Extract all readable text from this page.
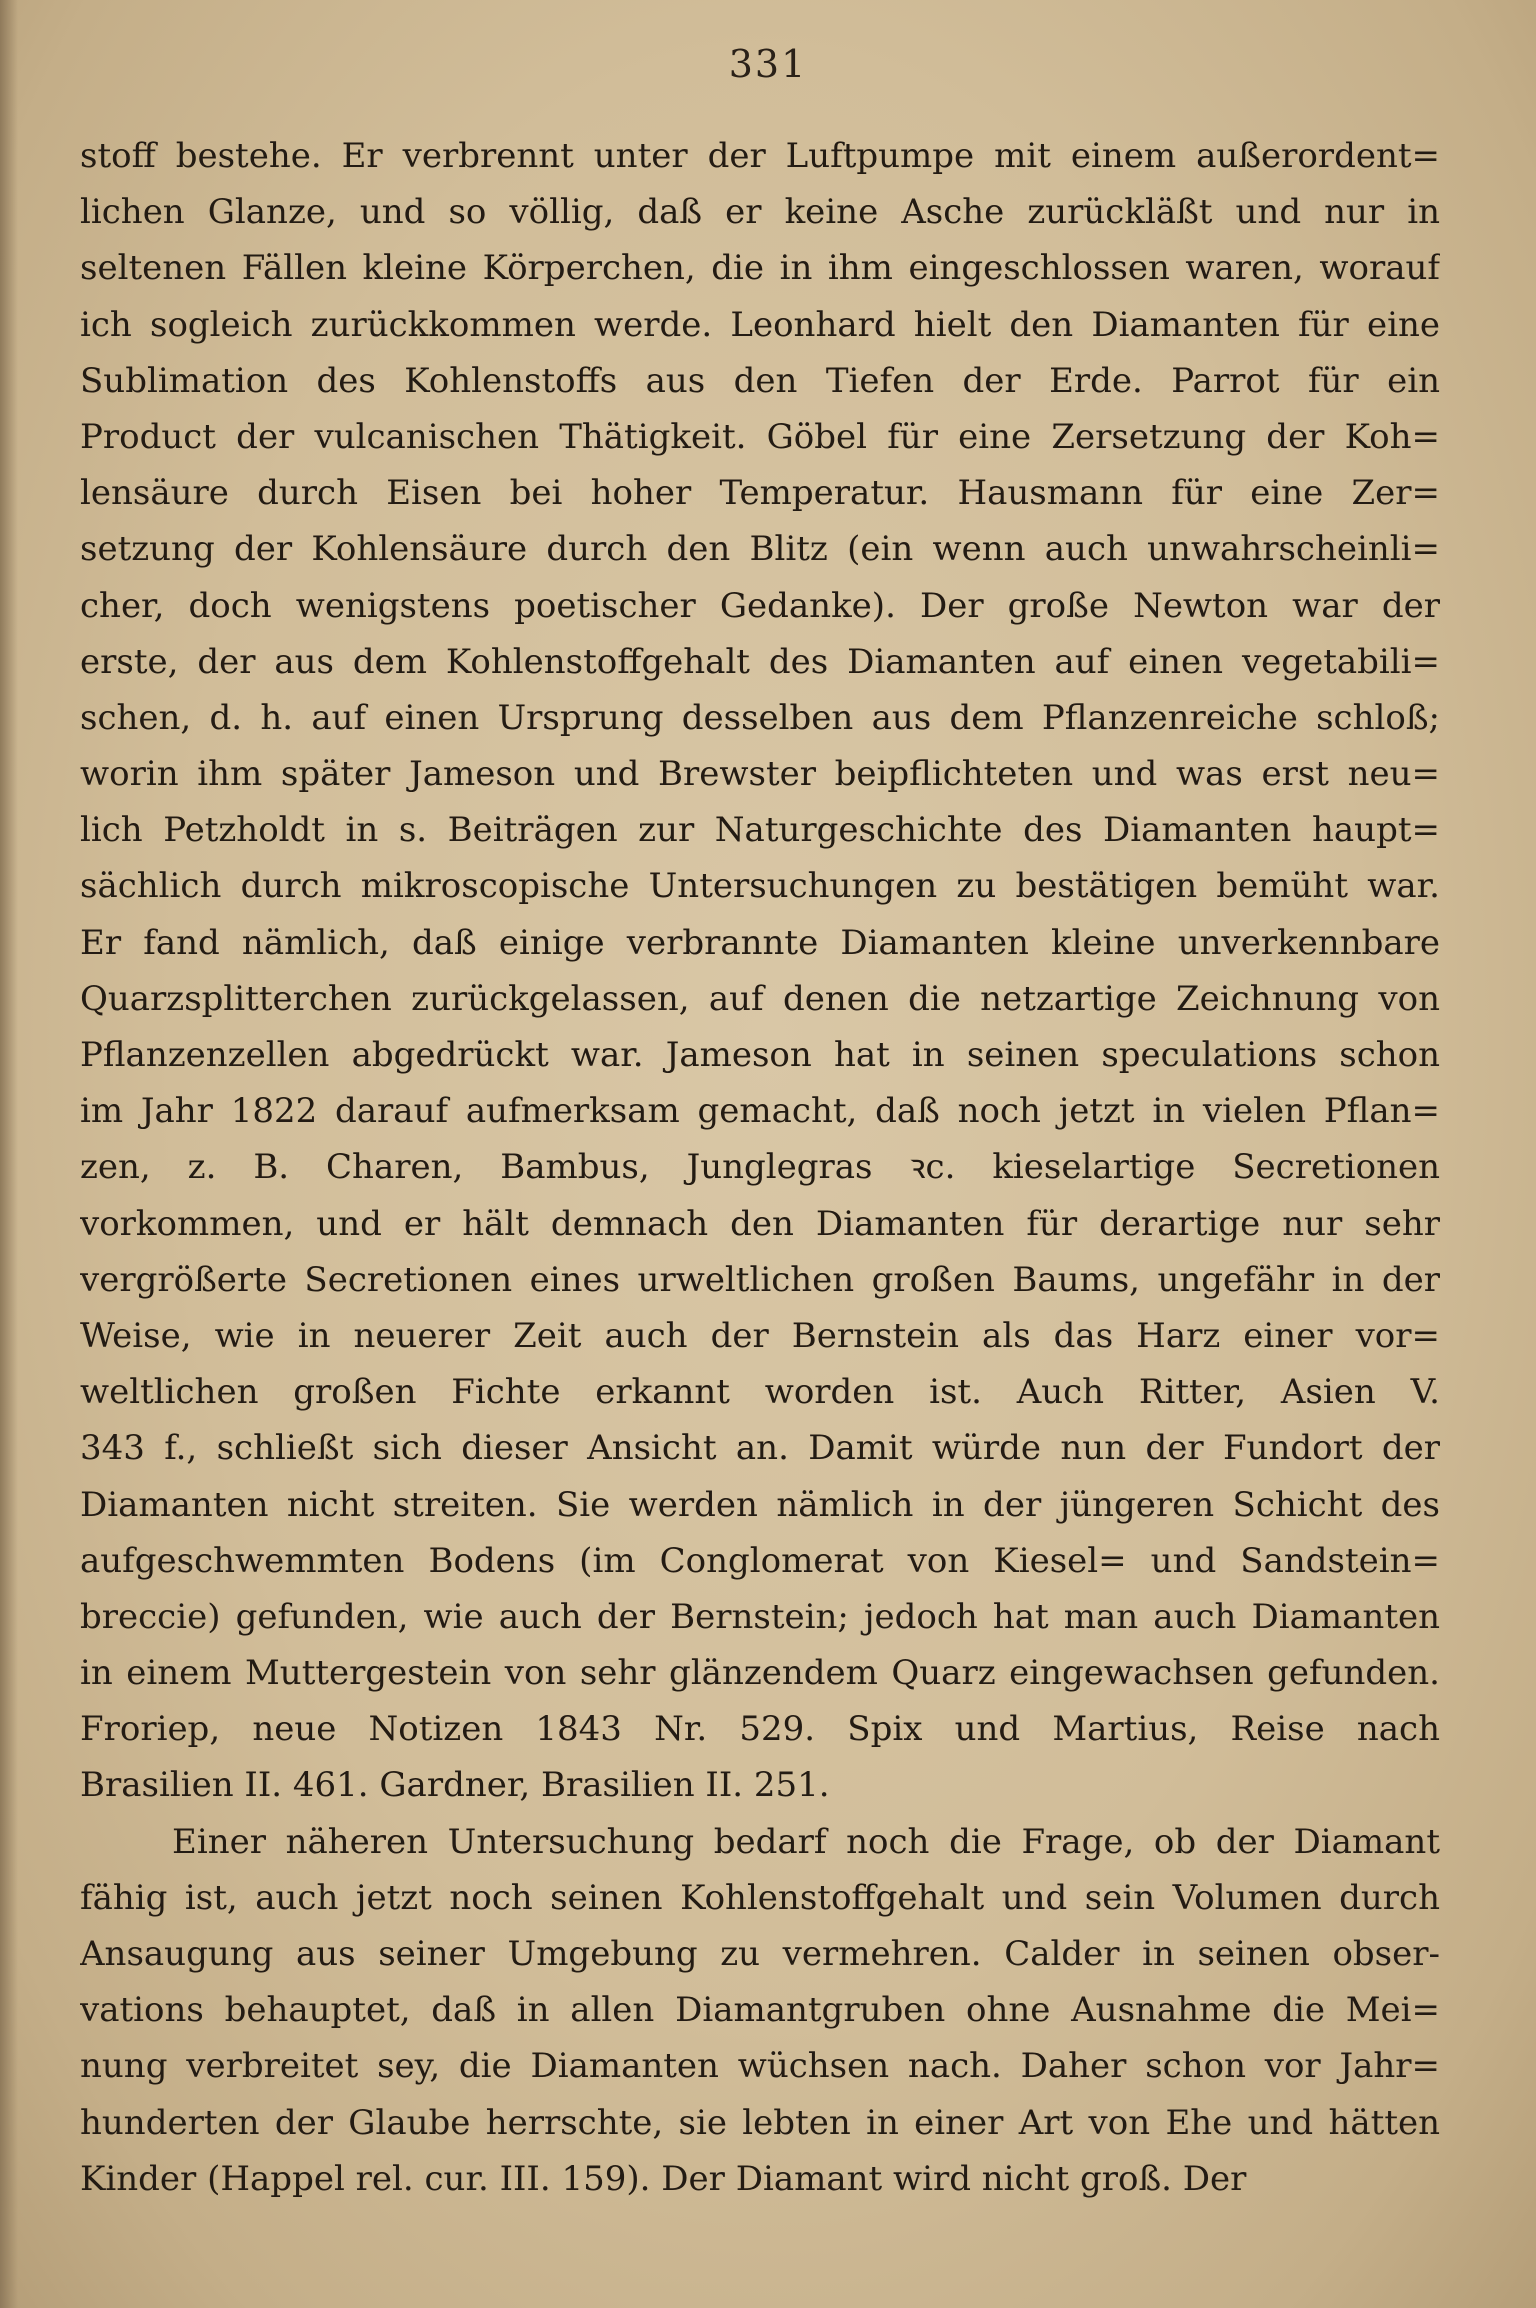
331
stoff bestehe. Er verbrennt unter der Luftpumpe mit einem außerordent=
lichen Glanze, und so völlig, daß er keine Asche zurückläßt und nur in
seltenen Fällen kleine Körperchen, die in ihm eingeschlossen waren, worauf
ich sogleich zurückkommen werde. Leonhard hielt den Diamanten für eine
Sublimation des Kohlenstoffs aus den Tiefen der Erde. Parrot für ein
Product der vulcanischen Thätigkeit. Göbel für eine Zersetzung der Koh=
lensäure durch Eisen bei hoher Temperatur. Hausmann für eine Zer=
setzung der Kohlensäure durch den Blitz (ein wenn auch unwahrscheinli=
cher, doch wenigstens poetischer Gedanke). Der große Newton war der
erste, der aus dem Kohlenstoffgehalt des Diamanten auf einen vegetabili=
schen, d. h. auf einen Ursprung desselben aus dem Pflanzenreiche schloß;
worin ihm später Jameson und Brewster beipflichteten und was erst neu=
lich Petzholdt in s. Beiträgen zur Naturgeschichte des Diamanten haupt=
sächlich durch mikroscopische Untersuchungen zu bestätigen bemüht war.
Er fand nämlich, daß einige verbrannte Diamanten kleine unverkennbare
Quarzsplitterchen zurückgelassen, auf denen die netzartige Zeichnung von
Pflanzenzellen abgedrückt war. Jameson hat in seinen speculations schon
im Jahr 1822 darauf aufmerksam gemacht, daß noch jetzt in vielen Pflan=
zen, z. B. Charen, Bambus, Junglegras ꝛc. kieselartige Secretionen
vorkommen, und er hält demnach den Diamanten für derartige nur sehr
vergrößerte Secretionen eines urweltlichen großen Baums, ungefähr in der
Weise, wie in neuerer Zeit auch der Bernstein als das Harz einer vor=
weltlichen großen Fichte erkannt worden ist. Auch Ritter, Asien V.
343 f., schließt sich dieser Ansicht an. Damit würde nun der Fundort der
Diamanten nicht streiten. Sie werden nämlich in der jüngeren Schicht des
aufgeschwemmten Bodens (im Conglomerat von Kiesel= und Sandstein=
breccie) gefunden, wie auch der Bernstein; jedoch hat man auch Diamanten
in einem Muttergestein von sehr glänzendem Quarz eingewachsen gefunden.
Froriep, neue Notizen 1843 Nr. 529. Spix und Martius, Reise nach
Brasilien II. 461. Gardner, Brasilien II. 251.
Einer näheren Untersuchung bedarf noch die Frage, ob der Diamant
fähig ist, auch jetzt noch seinen Kohlenstoffgehalt und sein Volumen durch
Ansaugung aus seiner Umgebung zu vermehren. Calder in seinen obser-
vations behauptet, daß in allen Diamantgruben ohne Ausnahme die Mei=
nung verbreitet sey, die Diamanten wüchsen nach. Daher schon vor Jahr=
hunderten der Glaube herrschte, sie lebten in einer Art von Ehe und hätten
Kinder (Happel rel. cur. III. 159). Der Diamant wird nicht groß. Der
